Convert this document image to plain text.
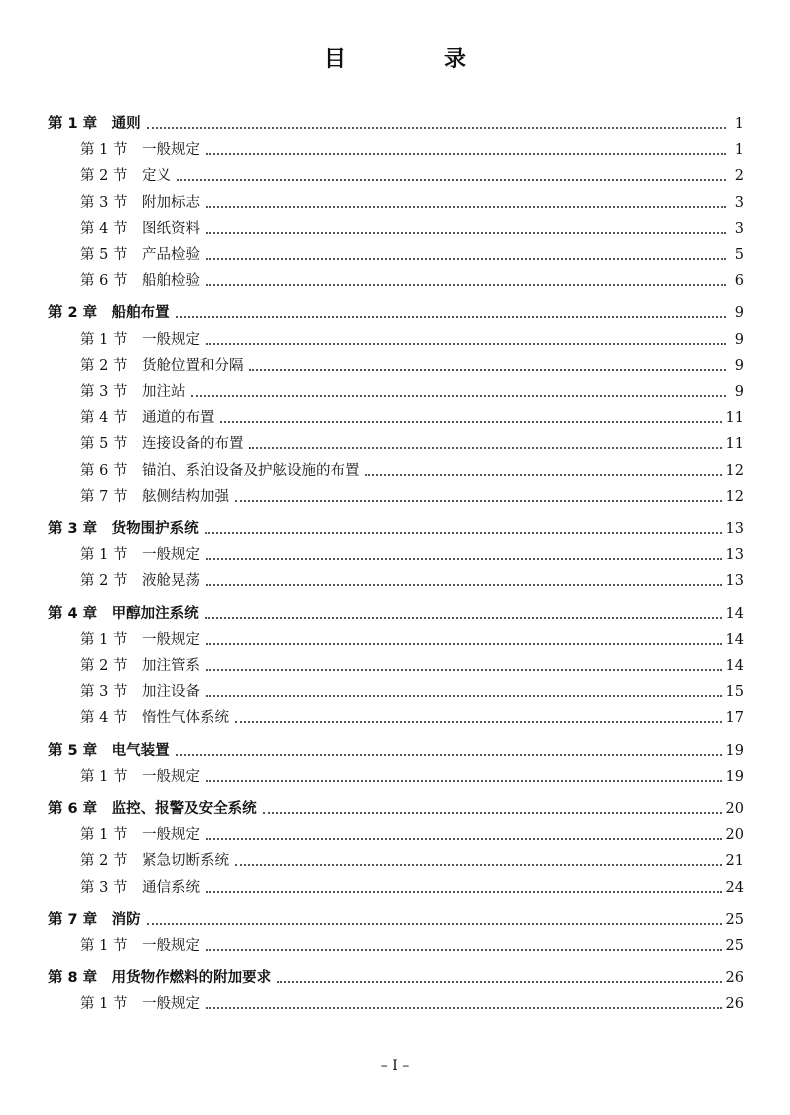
目　录
第 1 章　通则	1
第 1 节　一般规定	1
第 2 节　定义	2
第 3 节　附加标志	3
第 4 节　图纸资料	3
第 5 节　产品检验	5
第 6 节　船舶检验	6
第 2 章　船舶布置	9
第 1 节　一般规定	9
第 2 节　货舱位置和分隔	9
第 3 节　加注站	9
第 4 节　通道的布置	11
第 5 节　连接设备的布置	11
第 6 节　锚泊、系泊设备及护舷设施的布置	12
第 7 节　舷侧结构加强	12
第 3 章　货物围护系统	13
第 1 节　一般规定	13
第 2 节　液舱晃荡	13
第 4 章　甲醇加注系统	14
第 1 节　一般规定	14
第 2 节　加注管系	14
第 3 节　加注设备	15
第 4 节　惰性气体系统	17
第 5 章　电气装置	19
第 1 节　一般规定	19
第 6 章　监控、报警及安全系统	20
第 1 节　一般规定	20
第 2 节　紧急切断系统	21
第 3 节　通信系统	24
第 7 章　消防	25
第 1 节　一般规定	25
第 8 章　用货物作燃料的附加要求	26
第 1 节　一般规定	26
– I –
